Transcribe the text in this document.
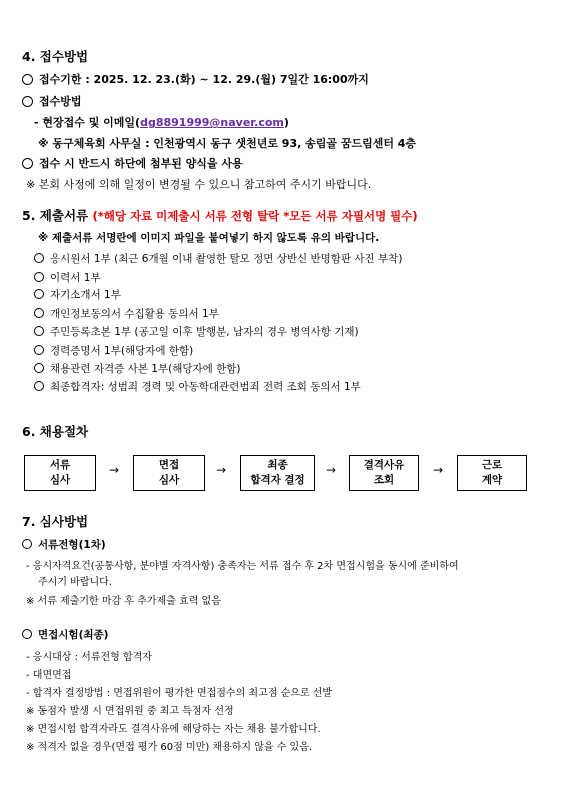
4. 접수방법
접수기한 : 2025. 12. 23.(화) ~ 12. 29.(월) 7일간 16:00까지
접수방법
- 현장접수 및 이메일(dg8891999@naver.com)
※ 동구체육회 사무실 : 인천광역시 동구 샛천년로 93, 송림골 꿈드림센터 4층
접수 시 반드시 하단에 첨부된 양식을 사용
※ 본회 사정에 의해 일정이 변경될 수 있으니 참고하여 주시기 바랍니다.
5. 제출서류 (*해당 자료 미제출시 서류 전형 탈락 *모든 서류 자필서명 필수)
※ 제출서류 서명란에 이미지 파일을 붙여넣기 하지 않도록 유의 바랍니다.
응시원서 1부 (최근 6개월 이내 촬영한 탈모 정면 상반신 반명함판 사진 부착)
이력서 1부
자기소개서 1부
개인정보동의서 수집활용 동의서 1부
주민등록초본 1부 (공고일 이후 발행분, 남자의 경우 병역사항 기재)
경력증명서 1부(해당자에 한함)
채용관련 자격증 사본 1부(해당자에 한함)
최종합격자: 성범죄 경력 및 아동학대관련범죄 전력 조회 동의서 1부
6. 채용절차
서류
심사
→	면접
심사
→	최종
합격자 결정
→	결격사유
조회
→	근로
계약
7. 심사방법
서류전형(1차)
- 응시자격요건(공통사항, 분야별 자격사항) 충족자는 서류 접수 후 2차 면접시험을 동시에 준비하여
주시기 바랍니다.
※ 서류 제출기한 마감 후 추가제출 효력 없음
면접시험(최종)
- 응시대상 : 서류전형 합격자
- 대면면접
- 합격자 결정방법 : 면접위원이 평가한 면접점수의 최고점 순으로 선발
※ 동점자 발생 시 면접위원 중 최고 득점자 선정
※ 면접시험 합격자라도 결격사유에 해당하는 자는 채용 불가합니다.
※ 적격자 없을 경우(면접 평가 60점 미만) 채용하지 않을 수 있음.
